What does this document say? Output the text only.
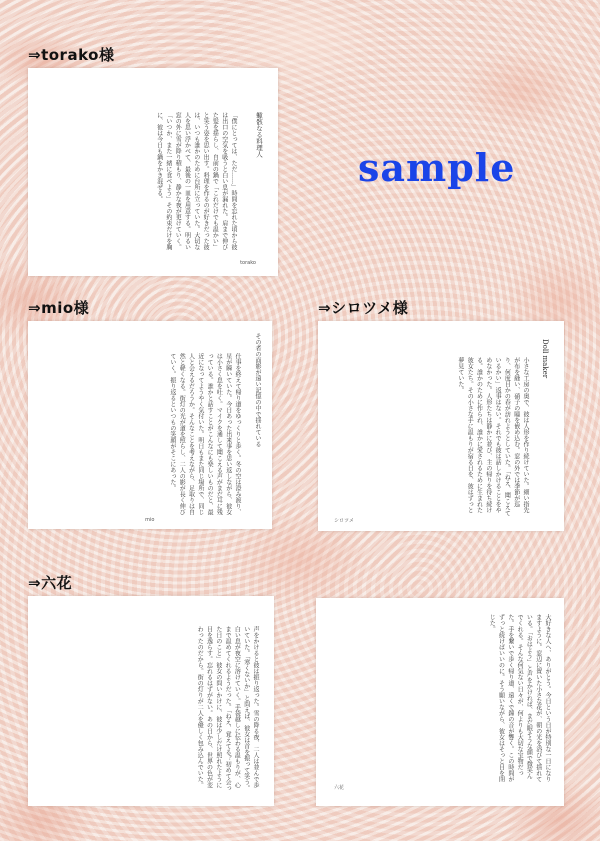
⇒torako様
蠍骸なる料理人
「僕にとっては、ただ……」時間を忘れた頃から彼は出口の空気を吸うと白い息が漏れた。肩まで伸びた髪を揺らし、自前の鍋で「これだけでも温かい」と笑う姿を思い出す。料理を作るのが好きだった彼は、いつも誰かのために台所に立っていた。大切な人を思い浮かべて、最後の一皿を用意する。明るい窓の外に雪が降り積もり、静かな夜が更けていく。「いつか、また一緒に食べよう」その約束だけを胸に、彼は今日も鍋をかき混ぜる。
torako
sample
⇒mio様
その者の面影が遠い記憶の中で揺れている
仕事を終えて帰り道をゆっくりと歩く。冬の空は澄み渡り、星が瞬いていた。今日あった出来事を思い返しながら、彼女は小さく息を吐く。マイクを通して聞こえる声がまだ耳に残っている。誰かと話すことがこんなにも楽しいものだと、最近になってようやく気付いた。明日もまた同じ場所で、同じ人と会えるだろうか。そんなことを考えながら、足取りは自然と軽くなる。街灯の光が道を照らし、二人の影が長く伸びていく。振り返るといつもの笑顔がそこにあった。
mio
⇒シロツメ様
Doll maker
小さな工房の奥で、彼は人形を作り続けていた。細い指先が布を縫い、硝子の瞳を嵌め込む。窓の外では季節が巡り、何度目かの春が訪れようとしていた。「ねえ、聞こえているかい」返事はない。それでも彼は話しかけることをやめなかった。人形たちは静かに並び、主の帰りを待ち続ける。誰かのために作られ、誰かに愛されるために生まれた彼女たち。その小さな手に温もりが宿る日を、彼はずっと夢見ていた。
シロツメ
⇒六花
声をかけると彼は振り返った。雪の降る夜、二人は並んで歩いていた。「寒くないか」と問えば、彼女は首を振って笑う。白い息が夜空に溶けていく。手袋越しに伝わる温もりが、心まで温めてくれるようだった。「ねえ、覚えてる？初めて会った日のこと」彼女の問いかけに、彼は少しだけ照れたように目を逸らす。忘れるはずがない。あの日から、世界の色が変わったのだから。街の灯りが二人を優しく包み込んでいた。	大好きな人へ、ありがとう。今日という日が特別な一日になりますように。窓辺に置いた小さな花が、朝の光を浴びて揺れている。「おはよう」と声をかければ、まだ眠そうな顔で微笑んでくれる。そんな何気ない日々が、何よりも大切な宝物だった。手を繋いで歩く帰り道、遠くで鐘の音が響く。この時間がずっと続けばいいのに。そう願いながら、彼女はそっと目を閉じた。
六花
